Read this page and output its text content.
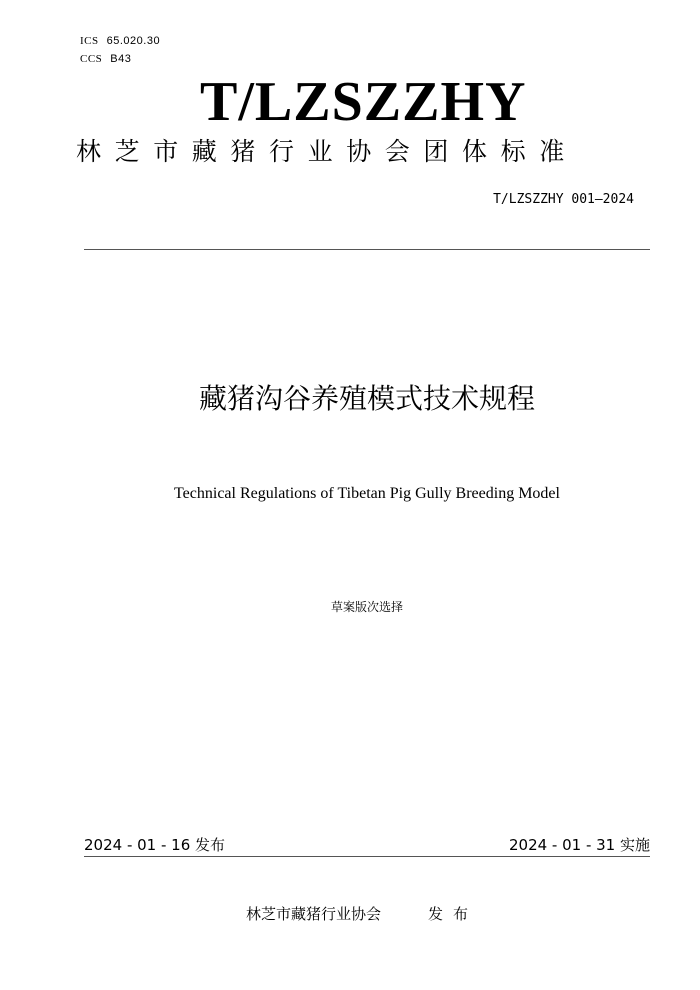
ICS 65.020.30
CCS B43
T/LZSZZHY
林芝市藏猪行业协会团体标准
T/LZSZZHY 001—2024
藏猪沟谷养殖模式技术规程
Technical Regulations of Tibetan Pig Gully Breeding Model
草案版次选择
2024 - 01 - 16 发布	2024 - 01 - 31 实施
林芝市藏猪行业协会	发布
